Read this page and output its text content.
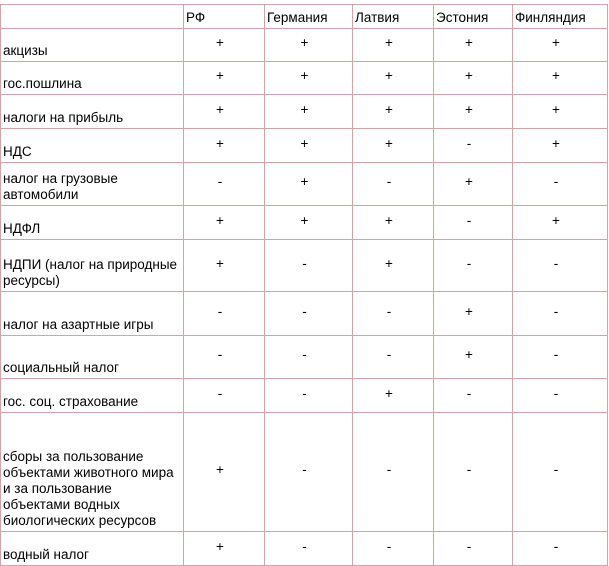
	РФ	Германия	Латвия	Эстония	Финляндия
акцизы	+	+	+	+	+
гос.пошлина	+	+	+	+	+
налоги на прибыль	+	+	+	+	+
НДС	+	+	+	-	+
налог на грузовые автомобили	-	+	-	+	-
НДФЛ	+	+	+	-	+
НДПИ (налог на природные ресурсы)	+	-	+	-	-
налог на азартные игры	-	-	-	+	-
социальный налог	-	-	-	+	-
гос. соц. страхование	-	-	+	-	-
сборы за пользование объектами животного мира и за пользование объектами водных биологических ресурсов	+	-	-	-	-
водный налог	+	-	-	-	-
